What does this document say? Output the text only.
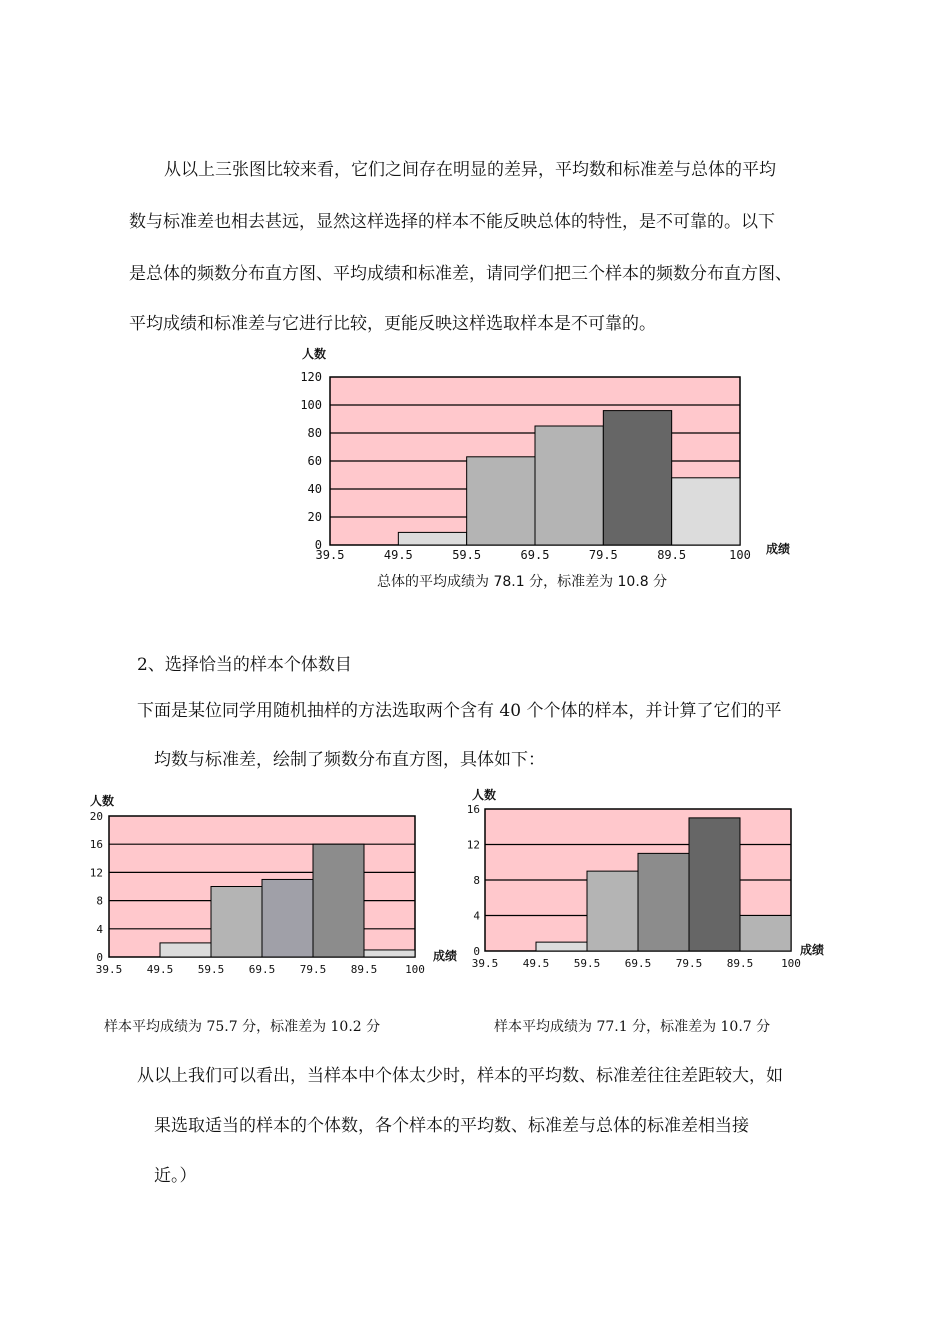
从以上三张图比较来看，它们之间存在明显的差异，平均数和标准差与总体的平均
数与标准差也相去甚远，显然这样选择的样本不能反映总体的特性，是不可靠的。以下
是总体的频数分布直方图、平均成绩和标准差，请同学们把三个样本的频数分布直方图、
平均成绩和标准差与它进行比较，更能反映这样选取样本是不可靠的。
人数
成绩
总体的平均成绩为 78.1 分，标准差为 10.8 分
0
20
40
60
80
100
120
39.5	49.5	59.5	69.5	79.5	89.5	100
2、选择恰当的样本个体数目
下面是某位同学用随机抽样的方法选取两个含有 40 个个体的样本，并计算了它们的平
均数与标准差，绘制了频数分布直方图，具体如下：
人数
成绩
0
4
8
12
16
20
39.5 49.5 59.5 69.5 79.5 89.5	100
样本平均成绩为 75.7 分，标准差为 10.2 分
人数
成绩
0
4
8
12
16
39.5 49.5 59.5 69.5 79.5 89.5	100
样本平均成绩为 77.1 分，标准差为 10.7 分
从以上我们可以看出，当样本中个体太少时，样本的平均数、标准差往往差距较大，如
果选取适当的样本的个体数，各个样本的平均数、标准差与总体的标准差相当接
近。）
